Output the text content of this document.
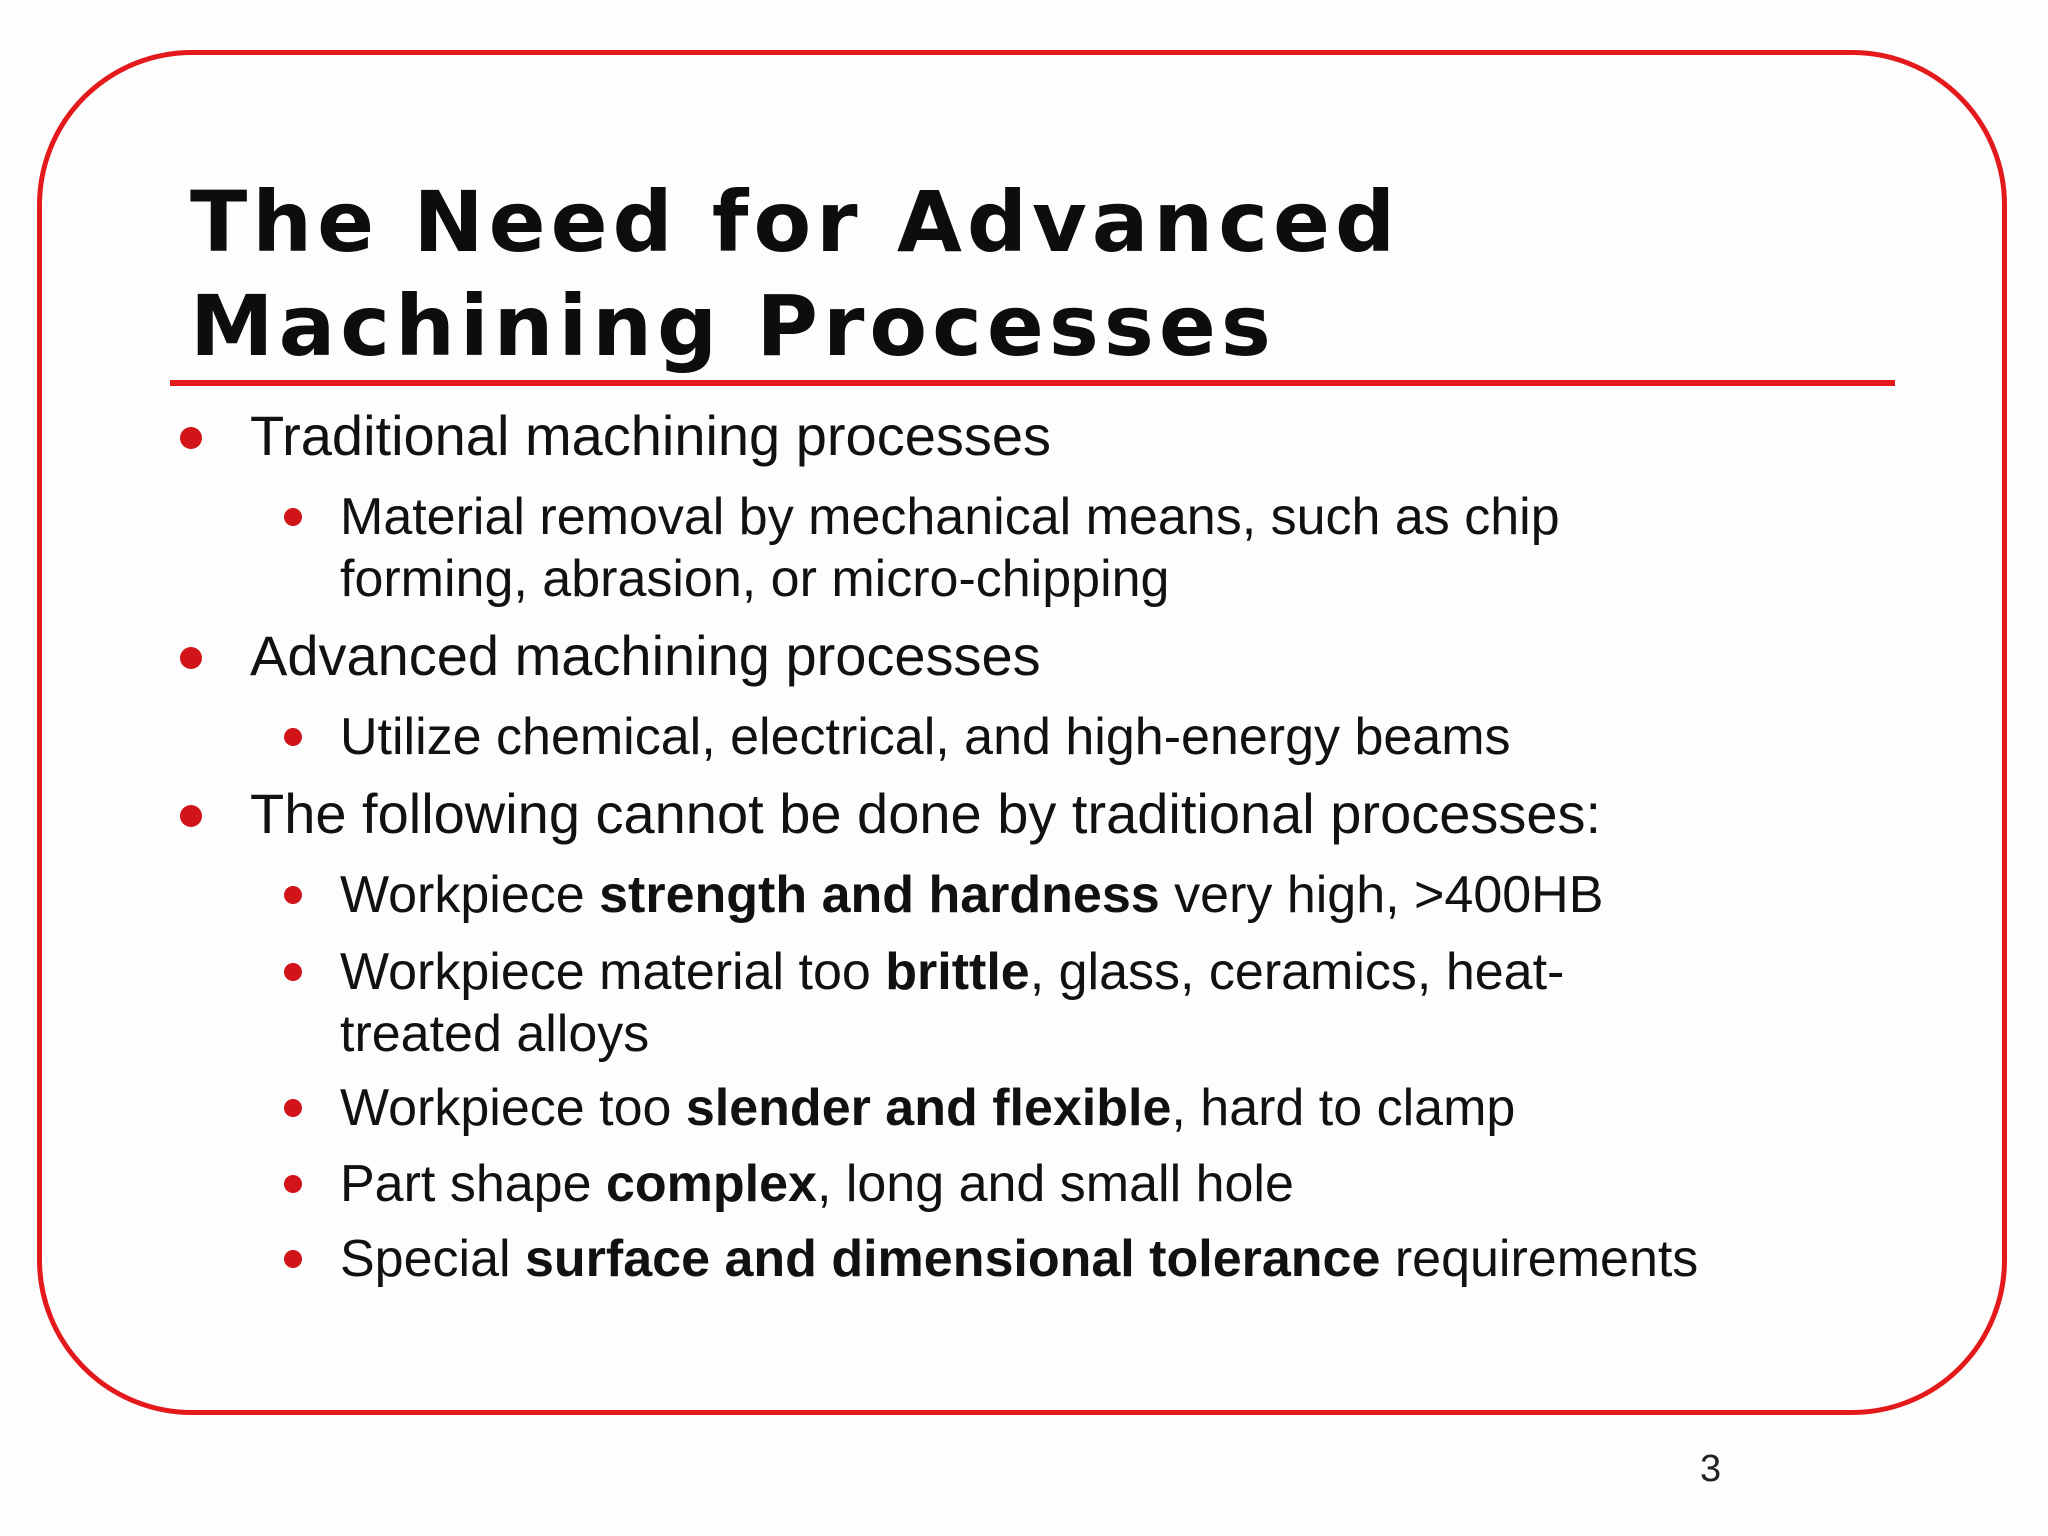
The Need for Advanced
Machining Processes
Traditional machining processes
Material removal by mechanical means, such as chip
forming, abrasion, or micro-chipping
Advanced machining processes
Utilize chemical, electrical, and high-energy beams
The following cannot be done by traditional processes:
Workpiece strength and hardness very high, >400HB
Workpiece material too brittle, glass, ceramics, heat-
treated alloys
Workpiece too slender and flexible, hard to clamp
Part shape complex, long and small hole
Special surface and dimensional tolerance requirements
3
